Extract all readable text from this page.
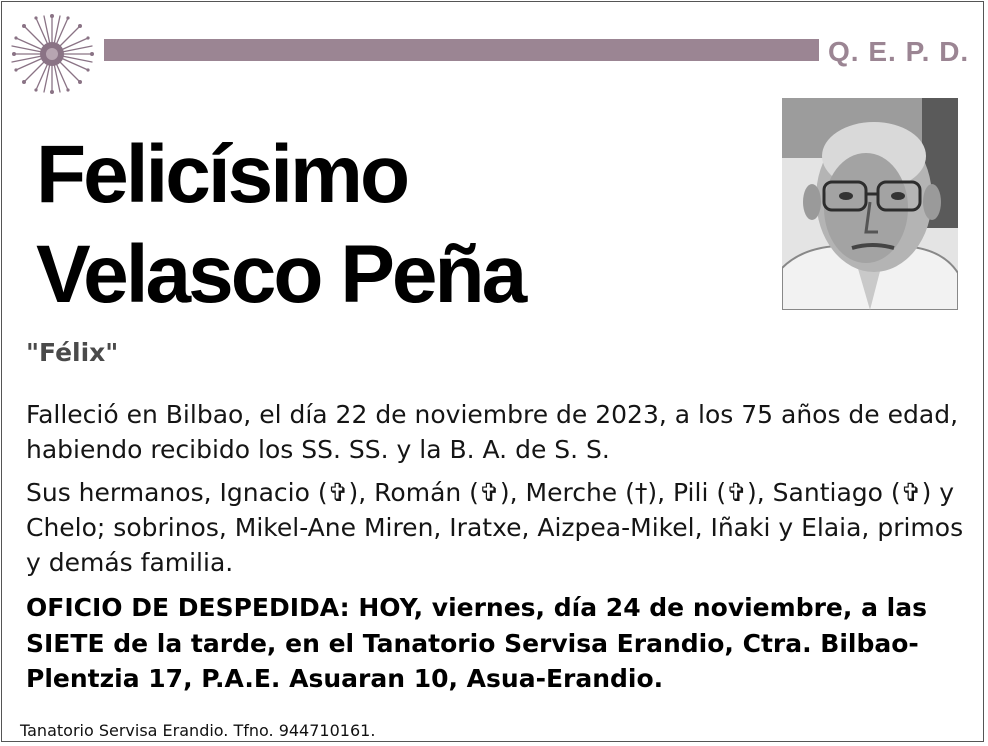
Q. E. P. D.
Felicísimo
Velasco Peña
"Félix"
Falleció en Bilbao, el día 22 de noviembre de 2023, a los 75 años de edad, habiendo recibido los SS. SS. y la B. A. de S. S.
Sus hermanos, Ignacio (✞), Román (✞), Merche (†), Pili (✞), Santiago (✞) y Chelo; sobrinos, Mikel-Ane Miren, Iratxe, Aizpea-Mikel, Iñaki y Elaia, primos y demás familia.
OFICIO DE DESPEDIDA: HOY, viernes, día 24 de noviembre, a las SIETE de la tarde, en el Tanatorio Servisa Erandio, Ctra. Bilbao-Plentzia 17, P.A.E. Asuaran 10, Asua-Erandio.
Tanatorio Servisa Erandio. Tfno. 944710161.
